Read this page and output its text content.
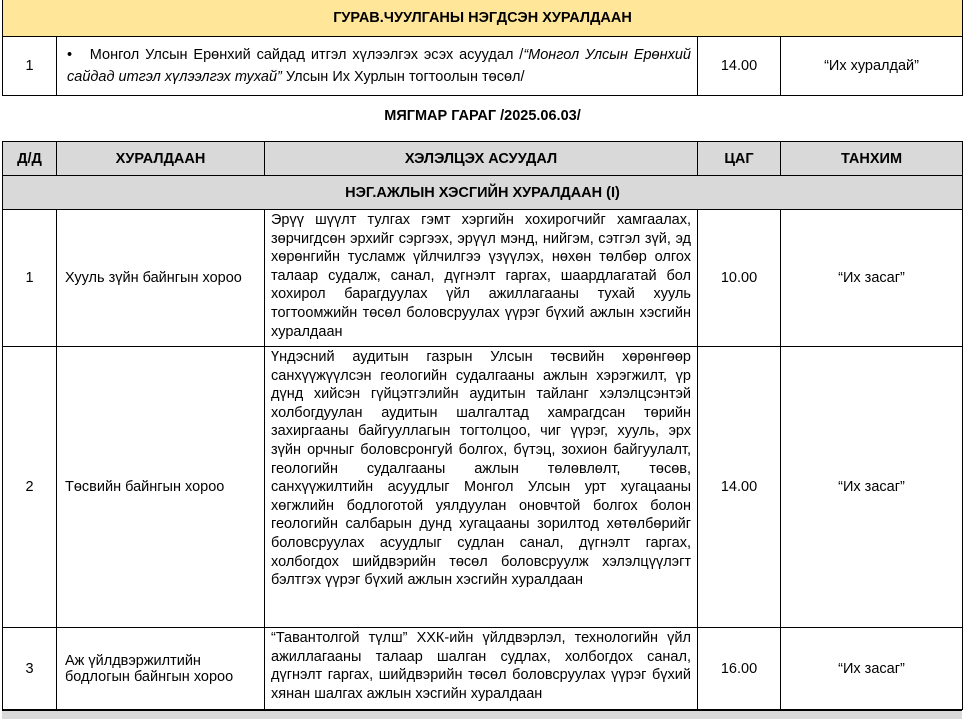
ГУРАВ.ЧУУЛГАНЫ НЭГДСЭН ХУРАЛДААН
1	• Монгол Улсын Ерөнхий сайдад итгэл хүлээлгэх эсэх асуудал /“Монгол Улсын Ерөнхий сайдад итгэл хүлээлгэх тухай” Улсын Их Хурлын тогтоолын төсөл/	14.00	“Их хуралдай”
МЯГМАР ГАРАГ /2025.06.03/
Д/Д	ХУРАЛДААН	ХЭЛЭЛЦЭХ АСУУДАЛ	ЦАГ	ТАНХИМ
НЭГ.АЖЛЫН ХЭСГИЙН ХУРАЛДААН (I)				
1	Хууль зүйн байнгын хороо	Эрүү шүүлт тулгах гэмт хэргийн хохирогчийг хамгаалах, зөрчигдсөн эрхийг сэргээх, эрүүл мэнд, нийгэм, сэтгэл зүй, эд хөрөнгийн тусламж үйлчилгээ үзүүлэх, нөхөн төлбөр олгох талаар судалж, санал, дүгнэлт гаргах, шаардлагатай бол хохирол барагдуулах үйл ажиллагааны тухай хууль тогтоомжийн төсөл боловсруулах үүрэг бүхий ажлын хэсгийн хуралдаан	10.00	“Их засаг”
2	Төсвийн байнгын хороо	Үндэсний аудитын газрын Улсын төсвийн хөрөнгөөр санхүүжүүлсэн геологийн судалгааны ажлын хэрэгжилт, үр дүнд хийсэн гүйцэтгэлийн аудитын тайланг хэлэлцсэнтэй холбогдуулан аудитын шалгалтад хамрагдсан төрийн захиргааны байгууллагын тогтолцоо, чиг үүрэг, хууль, эрх зүйн орчныг боловсронгуй болгох, бүтэц, зохион байгуулалт, геологийн судалгааны ажлын төлөвлөлт, төсөв, санхүүжилтийн асуудлыг Монгол Улсын урт хугацааны хөгжлийн бодлоготой уялдуулан оновчтой болгох болон геологийн салбарын дунд хугацааны зорилтод хөтөлбөрийг боловсруулах асуудлыг судлан санал, дүгнэлт гаргах, холбогдох шийдвэрийн төсөл боловсруулж хэлэлцүүлэгт бэлтгэх үүрэг бүхий ажлын хэсгийн хуралдаан	14.00	“Их засаг”
3	Аж үйлдвэржилтийн бодлогын байнгын хороо	“Тавантолгой түлш” ХХК-ийн үйлдвэрлэл, технологийн үйл ажиллагааны талаар шалган судлах, холбогдох санал, дүгнэлт гаргах, шийдвэрийн төсөл боловсруулах үүрэг бүхий хянан шалгах ажлын хэсгийн хуралдаан	16.00	“Их засаг”
